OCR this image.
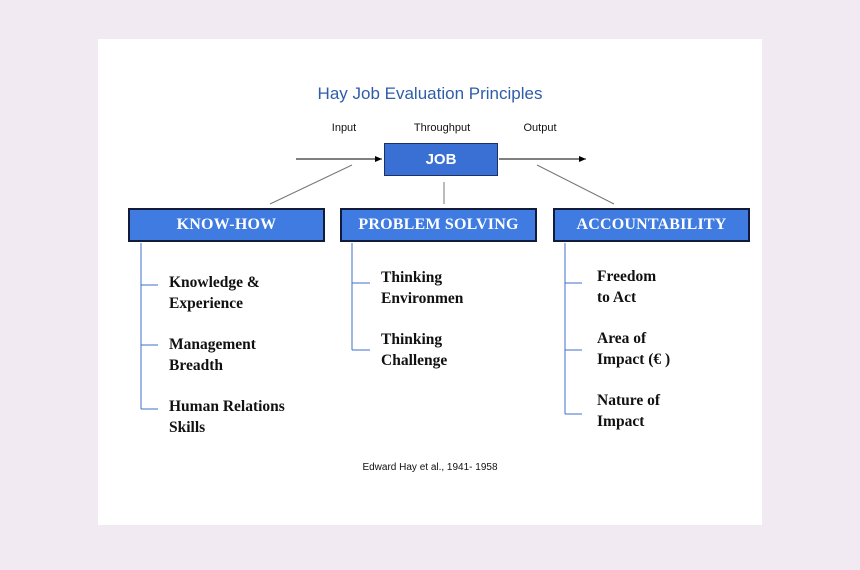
Hay Job Evaluation Principles
Input	Throughput	Output
JOB
KNOW-HOW	PROBLEM SOLVING	ACCOUNTABILITY
Knowledge &
Experience
Management
Breadth
Human Relations
Skills
Thinking
Environmen
Thinking
Challenge
Freedom
to Act
Area of
Impact (€ )
Nature of
Impact
Edward Hay et al., 1941- 1958
